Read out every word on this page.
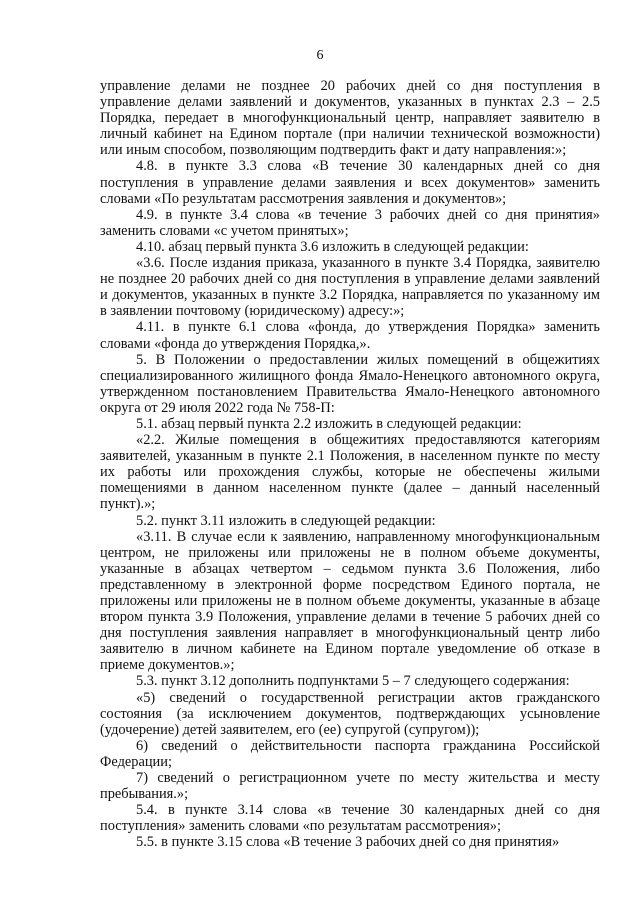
6

управление делами не позднее 20 рабочих дней со дня поступления в управление делами заявлений и документов, указанных в пунктах 2.3 – 2.5 Порядка, передает в многофункциональный центр, направляет заявителю в личный кабинет на Едином портале (при наличии технической возможности) или иным способом, позволяющим подтвердить факт и дату направления:»;

4.8. в пункте 3.3 слова «В течение 30 календарных дней со дня поступления в управление делами заявления и всех документов» заменить словами «По результатам рассмотрения заявления и документов»;

4.9. в пункте 3.4 слова «в течение 3 рабочих дней со дня принятия» заменить словами «с учетом принятых»;

4.10. абзац первый пункта 3.6 изложить в следующей редакции:

«3.6. После издания приказа, указанного в пункте 3.4 Порядка, заявителю не позднее 20 рабочих дней со дня поступления в управление делами заявлений и документов, указанных в пункте 3.2 Порядка, направляется по указанному им в заявлении почтовому (юридическому) адресу:»;

4.11. в пункте 6.1 слова «фонда, до утверждения Порядка» заменить словами «фонда до утверждения Порядка,».

5. В Положении о предоставлении жилых помещений в общежитиях специализированного жилищного фонда Ямало-Ненецкого автономного округа, утвержденном постановлением Правительства Ямало-Ненецкого автономного округа от 29 июля 2022 года № 758-П:

5.1. абзац первый пункта 2.2 изложить в следующей редакции:

«2.2. Жилые помещения в общежитиях предоставляются категориям заявителей, указанным в пункте 2.1 Положения, в населенном пункте по месту их работы или прохождения службы, которые не обеспечены жилыми помещениями в данном населенном пункте (далее – данный населенный пункт).»;

5.2. пункт 3.11 изложить в следующей редакции:

«3.11. В случае если к заявлению, направленному многофункциональным центром, не приложены или приложены не в полном объеме документы, указанные в абзацах четвертом – седьмом пункта 3.6 Положения, либо представленному в электронной форме посредством Единого портала, не приложены или приложены не в полном объеме документы, указанные в абзаце втором пункта 3.9 Положения, управление делами в течение 5 рабочих дней со дня поступления заявления направляет в многофункциональный центр либо заявителю в личном кабинете на Едином портале уведомление об отказе в приеме документов.»;

5.3. пункт 3.12 дополнить подпунктами 5 – 7 следующего содержания:

«5) сведений о государственной регистрации актов гражданского состояния (за исключением документов, подтверждающих усыновление (удочерение) детей заявителем, его (ее) супругой (супругом));

6) сведений о действительности паспорта гражданина Российской Федерации;

7) сведений о регистрационном учете по месту жительства и месту пребывания.»;

5.4. в пункте 3.14 слова «в течение 30 календарных дней со дня поступления» заменить словами «по результатам рассмотрения»;

5.5. в пункте 3.15 слова «В течение 3 рабочих дней со дня принятия»
